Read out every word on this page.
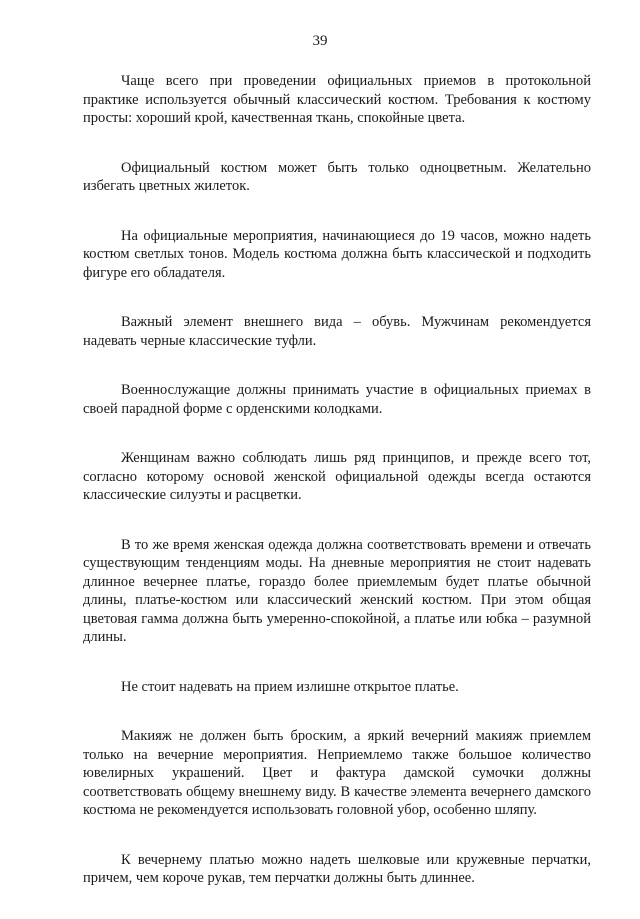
39

Чаще всего при проведении официальных приемов в протокольной практике используется обычный классический костюм. Требования к костюму просты: хороший крой, качественная ткань, спокойные цвета.

Официальный костюм может быть только одноцветным. Желательно избегать цветных жилеток.

На официальные мероприятия, начинающиеся до 19 часов, можно надеть костюм светлых тонов. Модель костюма должна быть классической и подходить фигуре его обладателя.

Важный элемент внешнего вида – обувь. Мужчинам рекомендуется надевать черные классические туфли.

Военнослужащие должны принимать участие в официальных приемах в своей парадной форме с орденскими колодками.

Женщинам важно соблюдать лишь ряд принципов, и прежде всего тот, согласно которому основой женской официальной одежды всегда остаются классические силуэты и расцветки.

В то же время женская одежда должна соответствовать времени и отвечать существующим тенденциям моды. На дневные мероприятия не стоит надевать длинное вечернее платье, гораздо более приемлемым будет платье обычной длины, платье-костюм или классический женский костюм. При этом общая цветовая гамма должна быть умеренно-спокойной, а платье или юбка – разумной длины.

Не стоит надевать на прием излишне открытое платье.

Макияж не должен быть броским, а яркий вечерний макияж приемлем только на вечерние мероприятия. Неприемлемо также большое количество ювелирных украшений. Цвет и фактура дамской сумочки должны соответствовать общему внешнему виду. В качестве элемента вечернего дамского костюма не рекомендуется использовать головной убор, особенно шляпу.

К вечернему платью можно надеть шелковые или кружевные перчатки, причем, чем короче рукав, тем перчатки должны быть длиннее.
